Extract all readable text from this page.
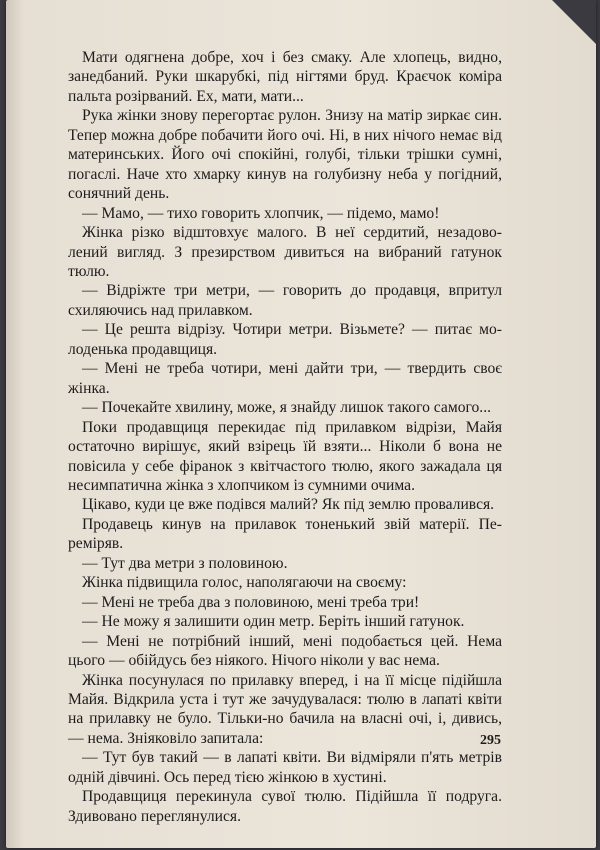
Мати одягнена добре, хоч і без смаку. Але хлопець, видно, занедбаний. Руки шкарубкі, під нігтями бруд. Краєчок коміра пальта розірваний. Ех, мати, мати...

Рука жінки знову перегортає рулон. Знизу на матір зиркає син. Тепер можна добре побачити його очі. Ні, в них нічого немає від материнських. Його очі спокійні, голубі, тільки трішки сумні, погаслі. Наче хто хмарку кинув на голубизну неба у погідний, сонячний день.

— Мамо, — тихо говорить хлопчик, — підемо, мамо!

Жінка різко відштовхує малого. В неї сердитий, незадоволений вигляд. З презирством дивиться на вибраний гатунок тюлю.

— Відріжте три метри, — говорить до продавця, впритул схиляючись над прилавком.

— Це решта відрізу. Чотири метри. Візьмете? — питає молоденька продавщиця.

— Мені не треба чотири, мені дайти три, — твердить своє жінка.

— Почекайте хвилину, може, я знайду лишок такого самого...

Поки продавщиця перекидає під прилавком відрізи, Майя остаточно вирішує, який взірець їй взяти... Ніколи б вона не повісила у себе фіранок з квітчастого тюлю, якого зажадала ця несимпатична жінка з хлопчиком із сумними очима.

Цікаво, куди це вже подівся малий? Як під землю провалився.

Продавець кинув на прилавок тоненький звій матерії. Переміряв.

— Тут два метри з половиною.

Жінка підвищила голос, наполягаючи на своєму:

— Мені не треба два з половиною, мені треба три!

— Не можу я залишити один метр. Беріть інший гатунок.

— Мені не потрібний інший, мені подобається цей. Нема цього — обійдусь без ніякого. Нічого ніколи у вас нема.

Жінка посунулася по прилавку вперед, і на її місце підійшла Майя. Відкрила уста і тут же зачудувалася: тюлю в лапаті квіти на прилавку не було. Тільки-но бачила на власні очі, і, дивись, — нема. Зніяковіло запитала:

— Тут був такий — в лапаті квіти. Ви відміряли п'ять метрів одній дівчині. Ось перед тією жінкою в хустині.

Продавщиця перекинула сувої тюлю. Підійшла її подруга. Здивовано переглянулися.

295
